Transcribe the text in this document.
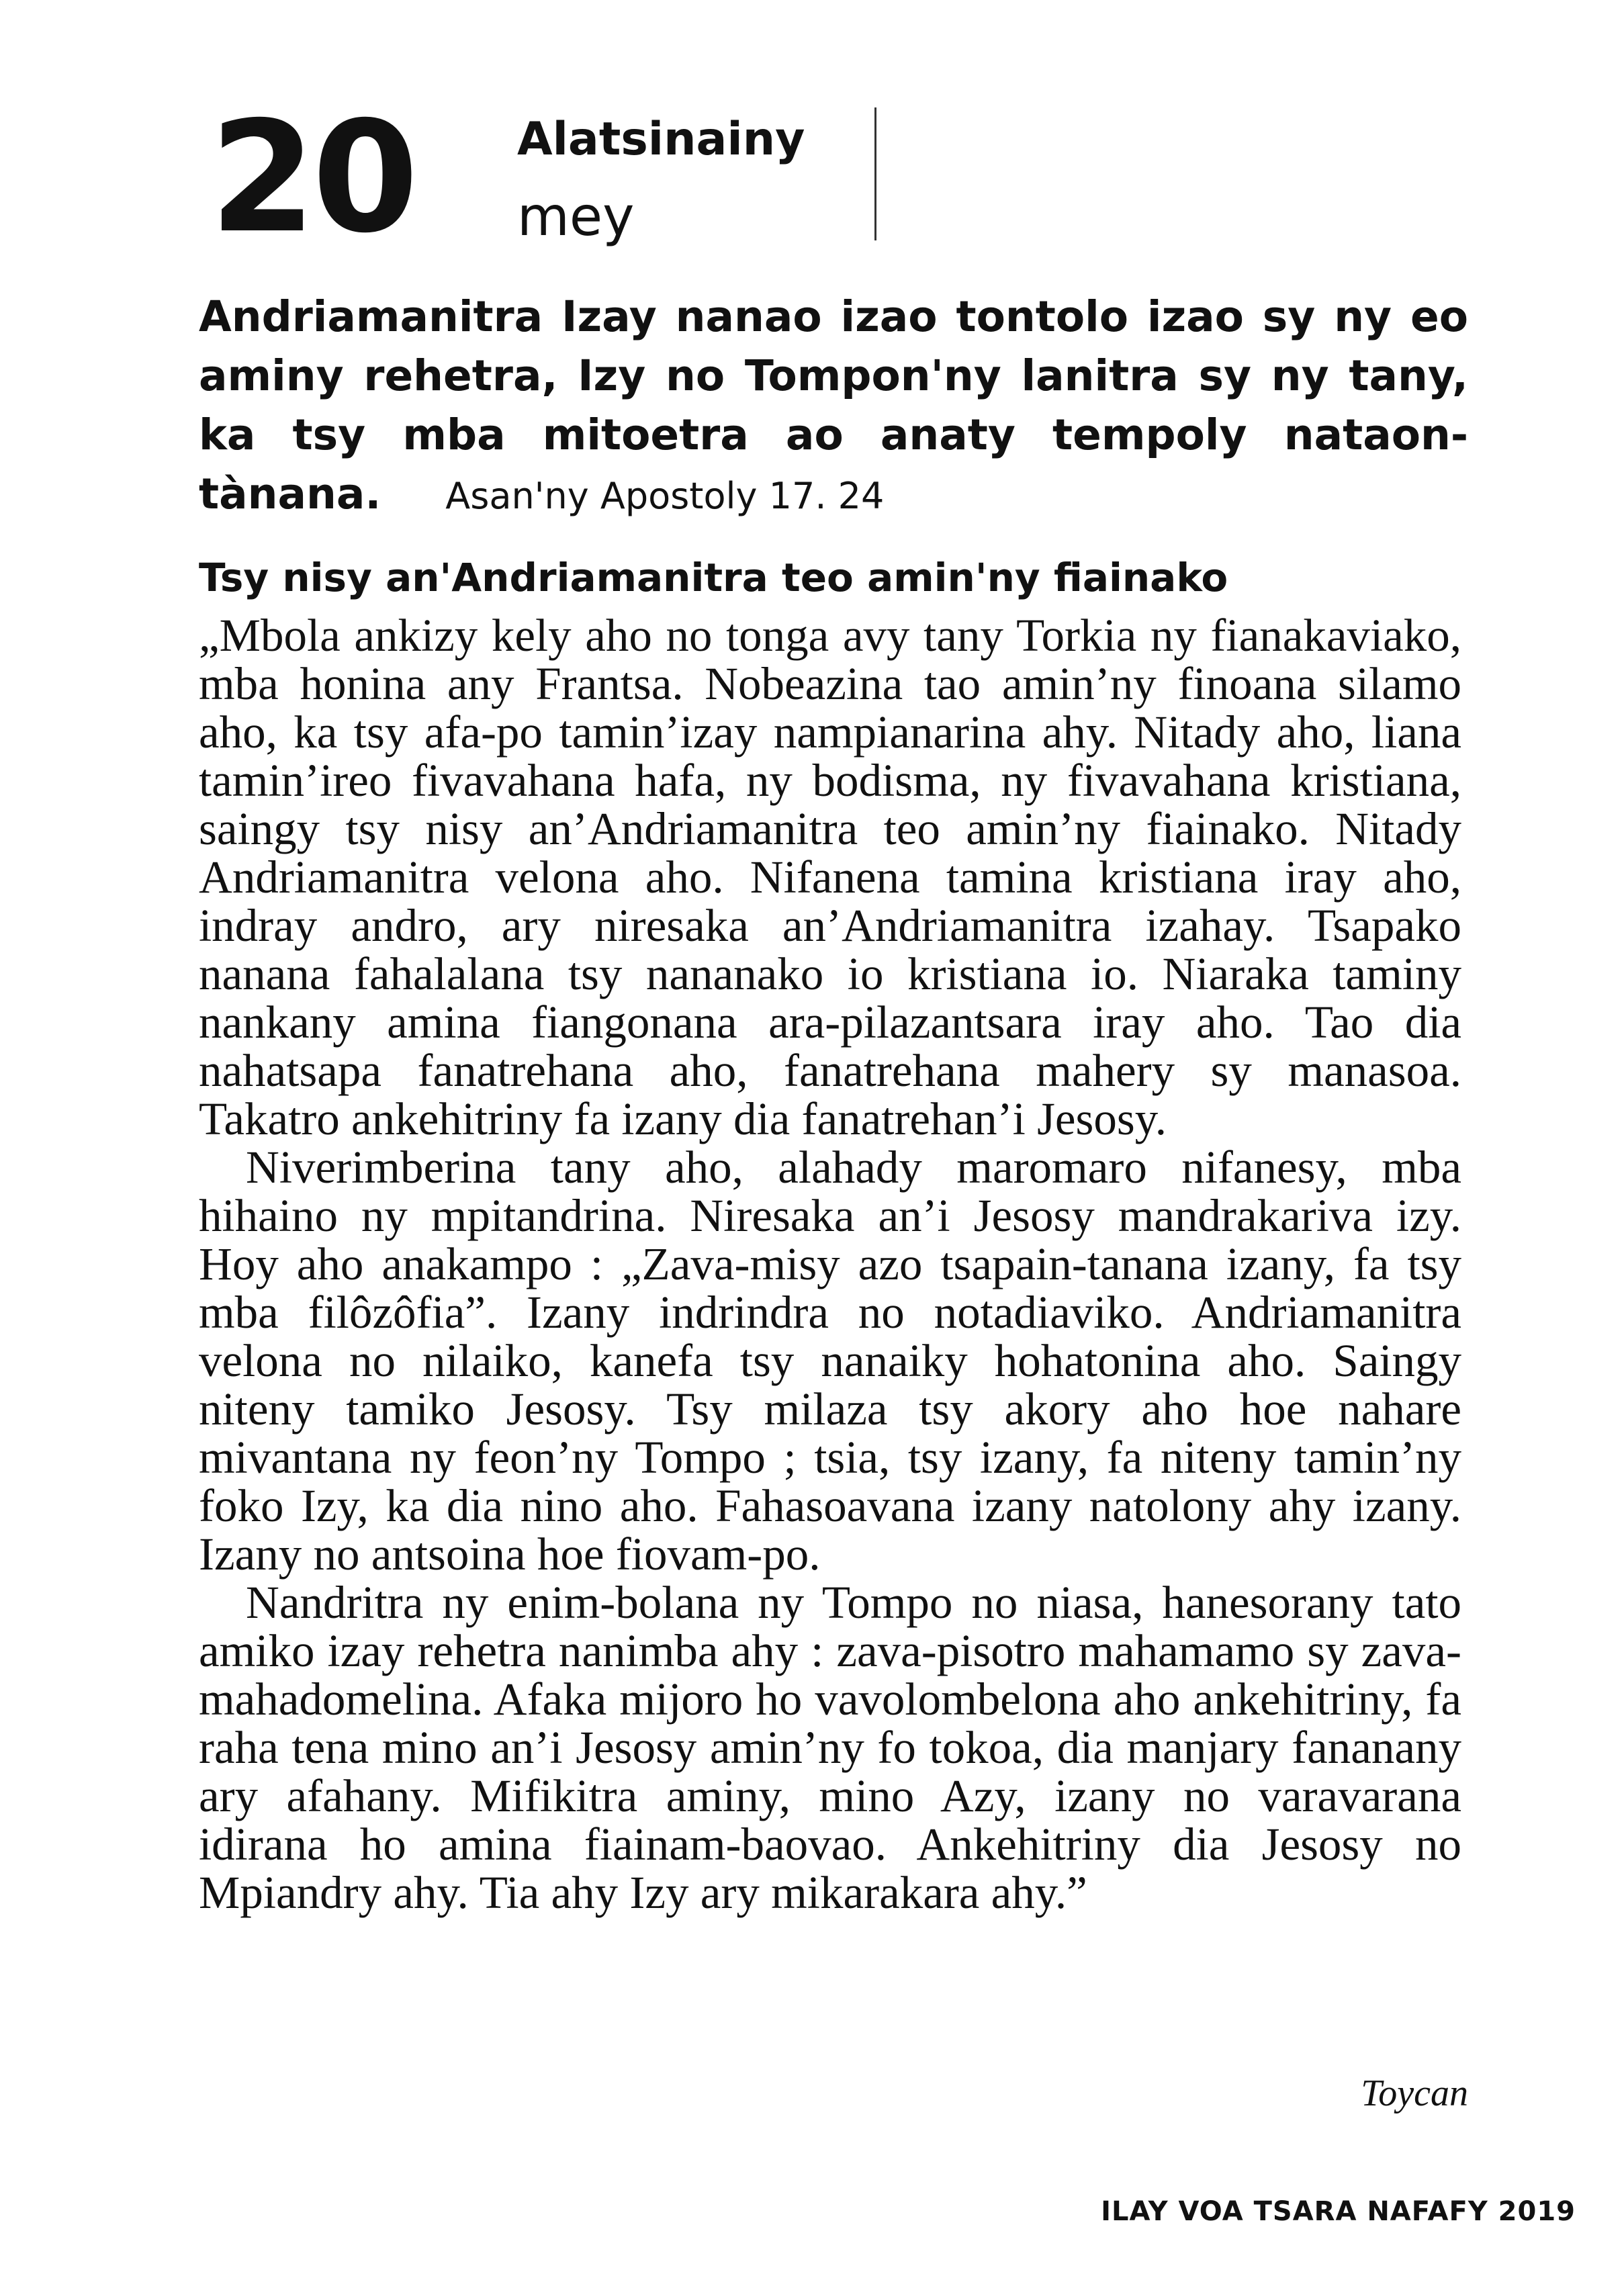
20 Alatsinainy
mey
Andriamanitra Izay nanao izao tontolo izao sy ny eo aminy rehetra, Izy no Tompon'ny lanitra sy ny tany, ka tsy mba mitoetra ao anaty tempoly nataon-tànana. Asan'ny Apostoly 17. 24
Tsy nisy an'Andriamanitra teo amin'ny fiainako

„Mbola ankizy kely aho no tonga avy tany Torkia ny fianakaviako, mba honina any Frantsa. Nobeazina tao amin’ny finoana silamo aho, ka tsy afa-po tamin’izay nampianarina ahy. Nitady aho, liana tamin’ireo fivavahana hafa, ny bodisma, ny fivavahana kristiana, saingy tsy nisy an’Andriamanitra teo amin’ny fiainako. Nitady Andriamanitra velona aho. Nifanena tamina kristiana iray aho, indray andro, ary niresaka an’Andriamanitra izahay. Tsapako nanana fahalalana tsy nananako io kristiana io. Niaraka taminy nankany amina fiangonana ara-pilazantsara iray aho. Tao dia nahatsapa fanatrehana aho, fanatrehana mahery sy manasoa. Takatro ankehitriny fa izany dia fanatrehan’i Jesosy.

Niverimberina tany aho, alahady maromaro nifanesy, mba hihaino ny mpitandrina. Niresaka an’i Jesosy mandrakariva izy. Hoy aho anakampo : „Zava-misy azo tsapain-tanana izany, fa tsy mba filôzôfia”. Izany indrindra no notadiaviko. Andriamanitra velona no nilaiko, kanefa tsy nanaiky hohatonina aho. Saingy niteny tamiko Jesosy. Tsy milaza tsy akory aho hoe nahare mivantana ny feon’ny Tompo ; tsia, tsy izany, fa niteny tamin’ny foko Izy, ka dia nino aho. Fahasoavana izany natolony ahy izany. Izany no antsoina hoe fiovam-po.

Nandritra ny enim-bolana ny Tompo no niasa, hanesorany tato amiko izay rehetra nanimba ahy : zava-pisotro mahamamo sy zava-mahadomelina. Afaka mijoro ho vavolombelona aho ankehitriny, fa raha tena mino an’i Jesosy amin’ny fo tokoa, dia manjary fananany ary afahany. Mifikitra aminy, mino Azy, izany no varavarana idirana ho amina fiainam-baovao. Ankehitriny dia Jesosy no Mpiandry ahy. Tia ahy Izy ary mikarakara ahy.”

Toycan
ILAY VOA TSARA NAFAFY 2019
